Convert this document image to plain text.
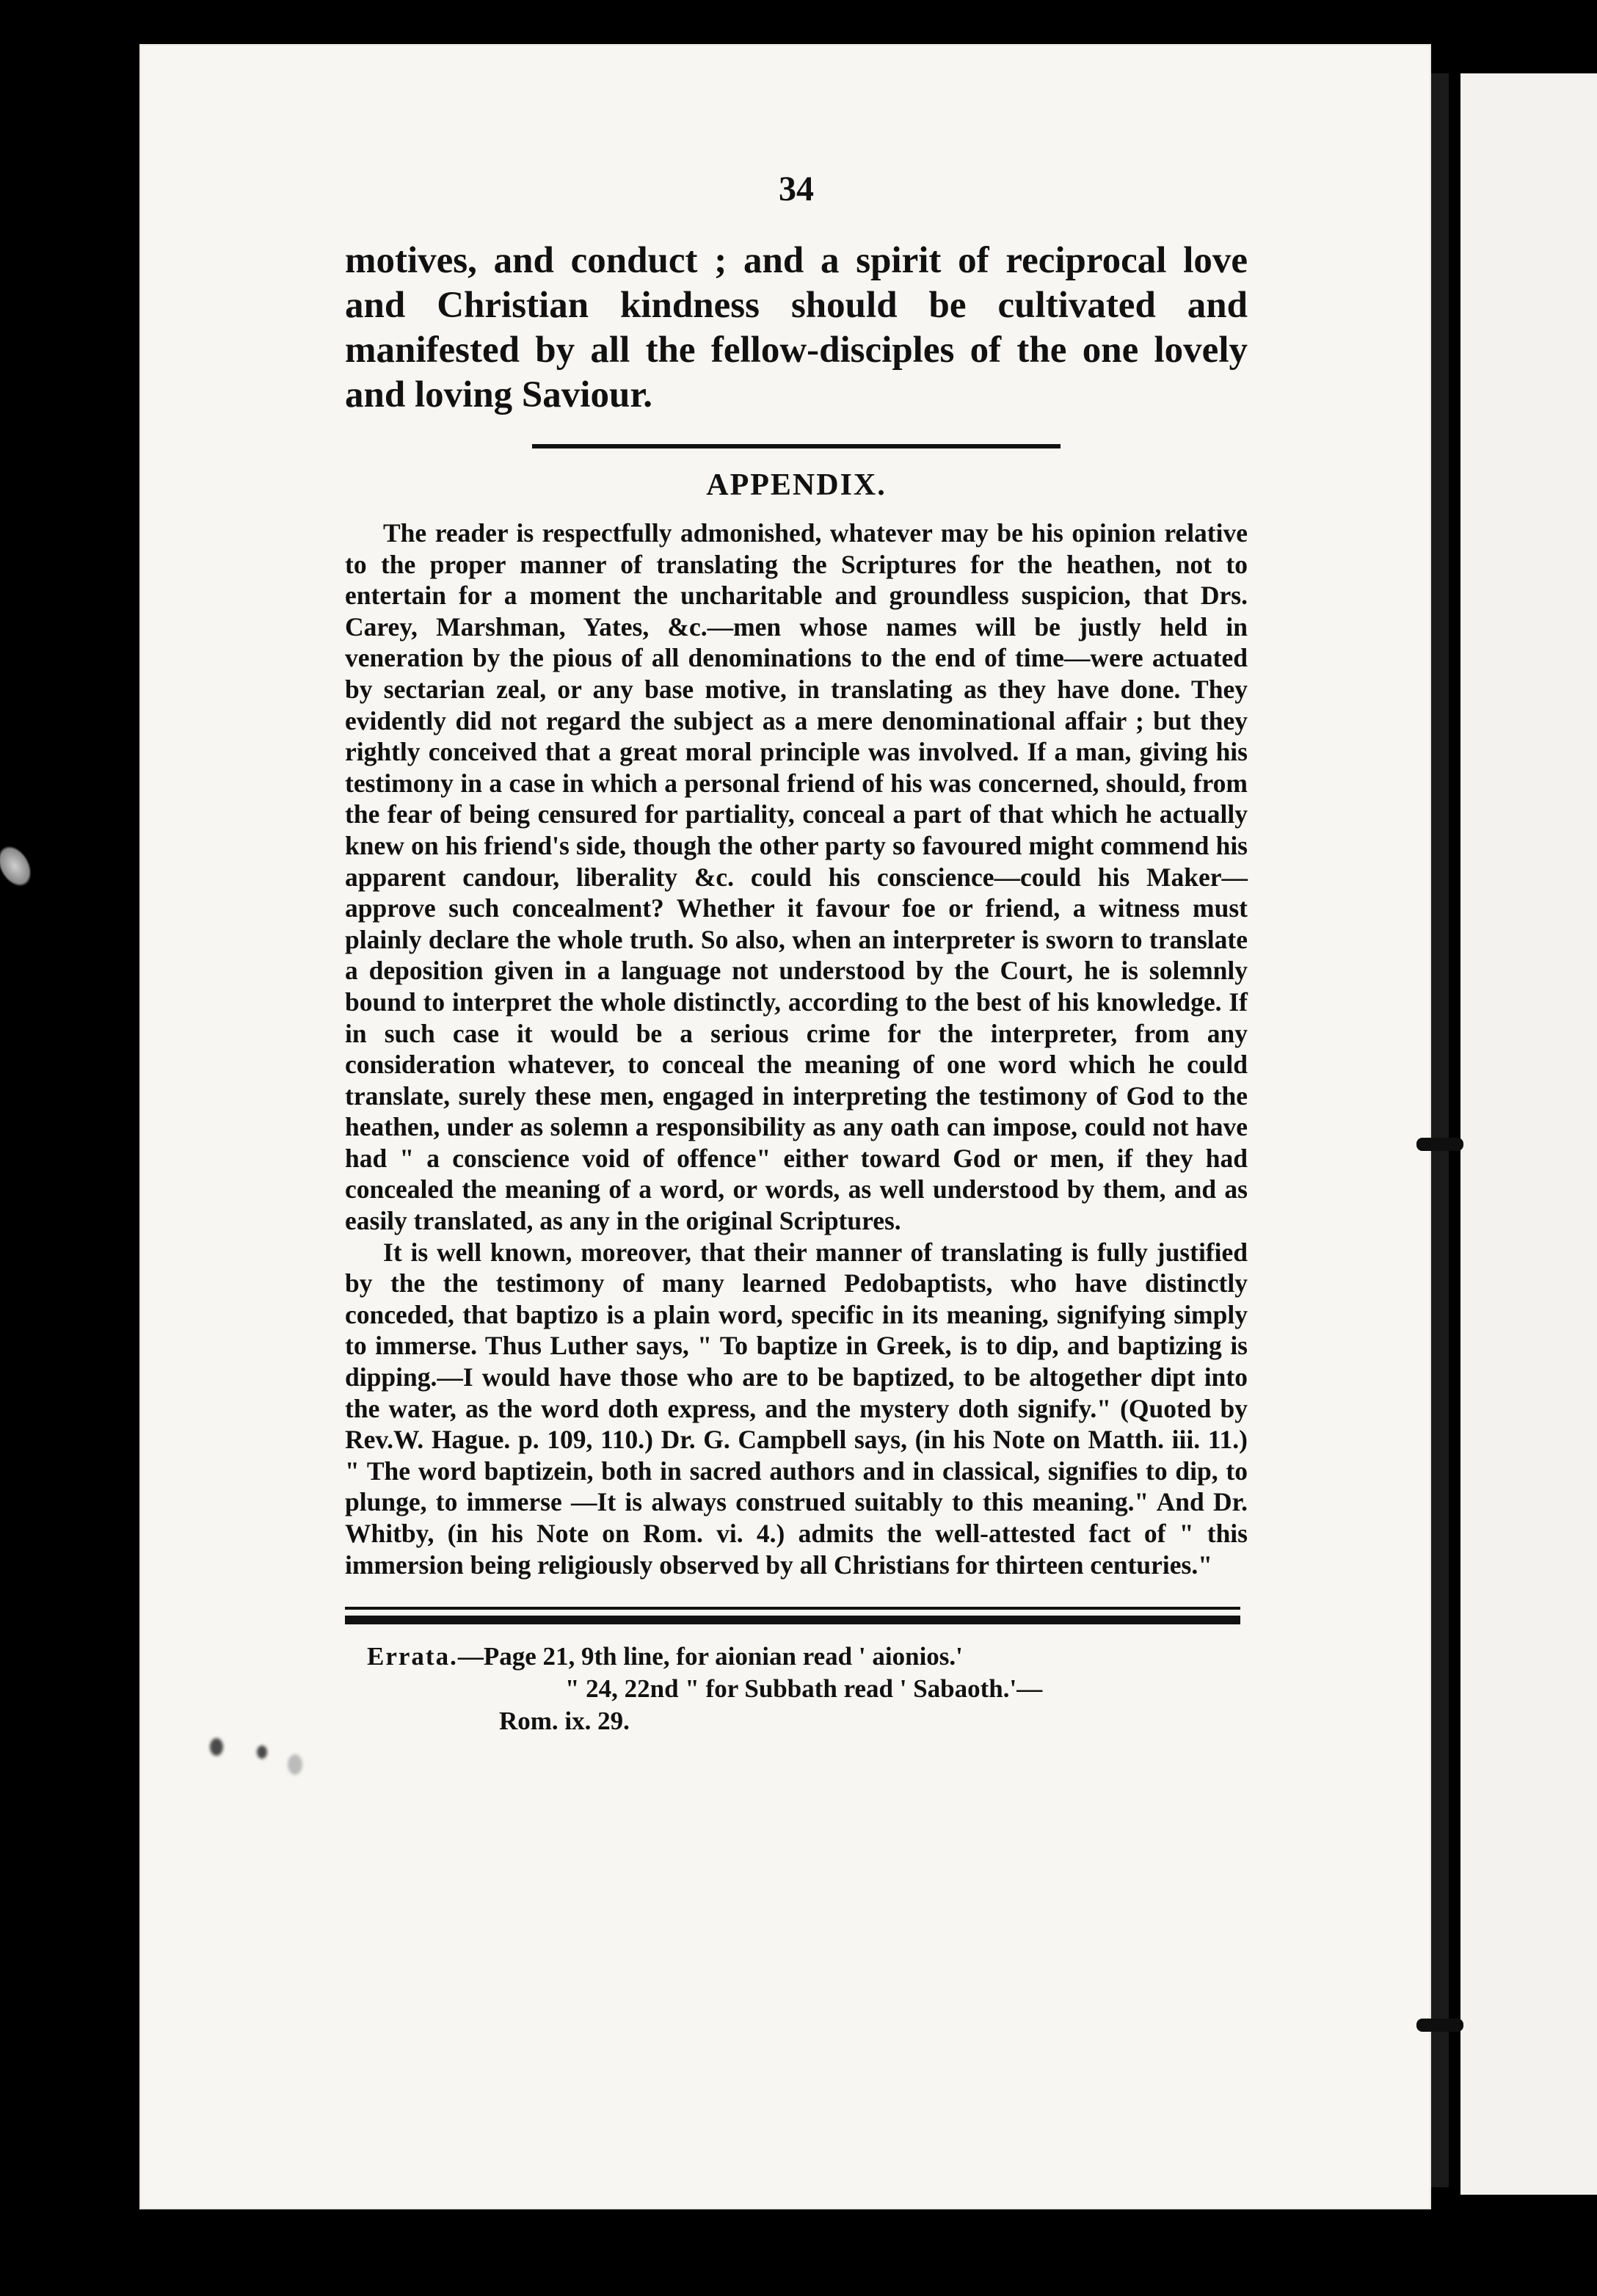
34

motives, and conduct ; and a spirit of reciprocal love and Christian kindness should be cultivated and manifested by all the fellow-disciples of the one lovely and loving Saviour.

APPENDIX.

The reader is respectfully admonished, whatever may be his opinion relative to the proper manner of translating the Scriptures for the heathen, not to entertain for a moment the uncharitable and groundless suspicion, that Drs. Carey, Marshman, Yates, &c.—men whose names will be justly held in veneration by the pious of all denominations to the end of time—were actuated by sectarian zeal, or any base motive, in translating as they have done. They evidently did not regard the subject as a mere denominational affair ; but they rightly conceived that a great moral principle was involved. If a man, giving his testimony in a case in which a personal friend of his was concerned, should, from the fear of being censured for partiality, conceal a part of that which he actually knew on his friend's side, though the other party so favoured might commend his apparent candour, liberality &c. could his conscience—could his Maker—approve such concealment? Whether it favour foe or friend, a witness must plainly declare the whole truth. So also, when an interpreter is sworn to translate a deposition given in a language not understood by the Court, he is solemnly bound to interpret the whole distinctly, according to the best of his knowledge. If in such case it would be a serious crime for the interpreter, from any consideration whatever, to conceal the meaning of one word which he could translate, surely these men, engaged in interpreting the testimony of God to the heathen, under as solemn a responsibility as any oath can impose, could not have had " a conscience void of offence" either toward God or men, if they had concealed the meaning of a word, or words, as well understood by them, and as easily translated, as any in the original Scriptures.

It is well known, moreover, that their manner of translating is fully justified by the the testimony of many learned Pedobaptists, who have distinctly conceded, that baptizo is a plain word, specific in its meaning, signifying simply to immerse. Thus Luther says, " To baptize in Greek, is to dip, and baptizing is dipping.—I would have those who are to be baptized, to be altogether dipt into the water, as the word doth express, and the mystery doth signify." (Quoted by Rev.W. Hague. p. 109, 110.) Dr. G. Campbell says, (in his Note on Matth. iii. 11.) " The word baptizein, both in sacred authors and in classical, signifies to dip, to plunge, to immerse —It is always construed suitably to this meaning." And Dr. Whitby, (in his Note on Rom. vi. 4.) admits the well-attested fact of " this immersion being religiously observed by all Christians for thirteen centuries."

Errata.—Page 21, 9th line, for aionian read ' aionios.'
" 24, 22nd " for Subbath read ' Sabaoth.'—
Rom. ix. 29.
